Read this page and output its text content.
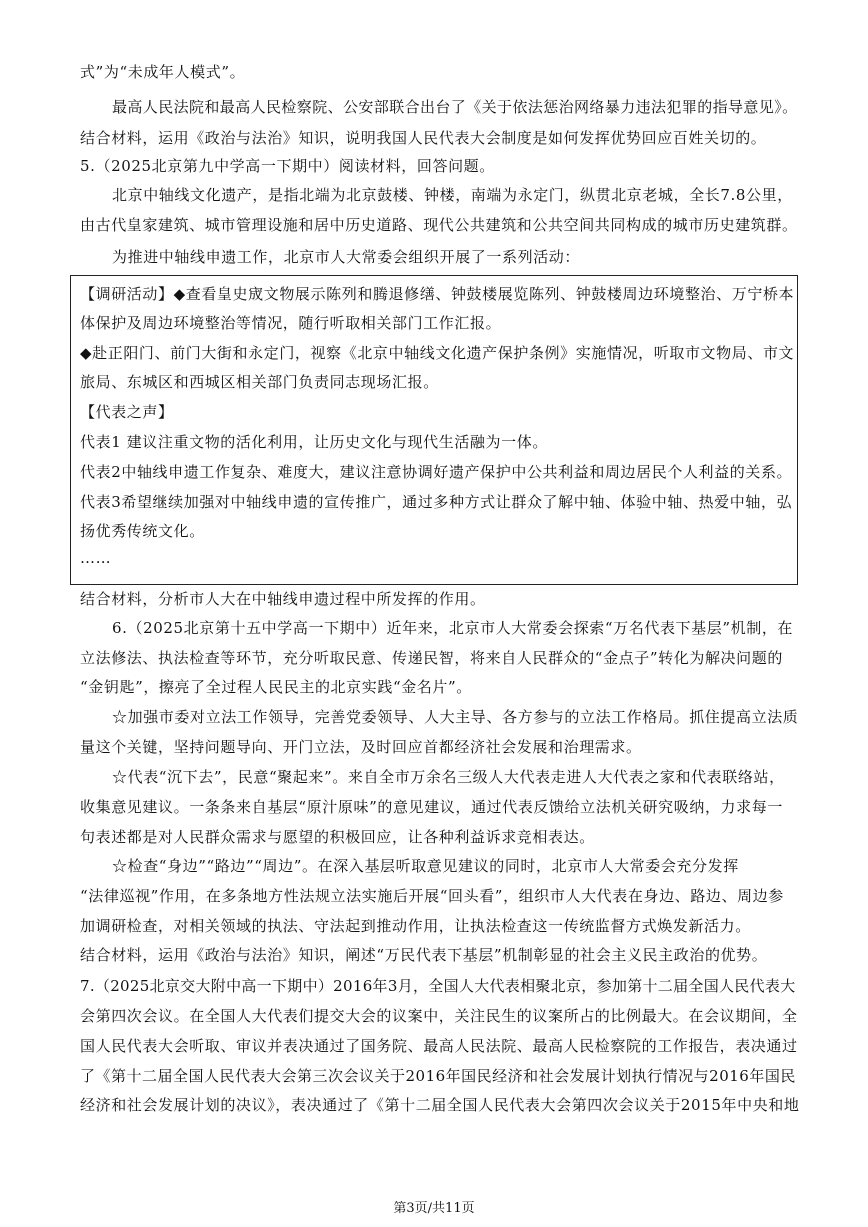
式”为“未成年人模式”。
最高人民法院和最高人民检察院、公安部联合出台了《关于依法惩治网络暴力违法犯罪的指导意见》。
结合材料，运用《政治与法治》知识，说明我国人民代表大会制度是如何发挥优势回应百姓关切的。
5.（2025北京第九中学高一下期中）阅读材料，回答问题。
北京中轴线文化遗产，是指北端为北京鼓楼、钟楼，南端为永定门，纵贯北京老城，全长7.8公里，
由古代皇家建筑、城市管理设施和居中历史道路、现代公共建筑和公共空间共同构成的城市历史建筑群。
为推进中轴线申遗工作，北京市人大常委会组织开展了一系列活动：
【调研活动】◆查看皇史宬文物展示陈列和腾退修缮、钟鼓楼展览陈列、钟鼓楼周边环境整治、万宁桥本
体保护及周边环境整治等情况，随行听取相关部门工作汇报。
◆赴正阳门、前门大街和永定门，视察《北京中轴线文化遗产保护条例》实施情况，听取市文物局、市文
旅局、东城区和西城区相关部门负责同志现场汇报。
【代表之声】
代表1 建议注重文物的活化利用，让历史文化与现代生活融为一体。
代表2中轴线申遗工作复杂、难度大，建议注意协调好遗产保护中公共利益和周边居民个人利益的关系。
代表3希望继续加强对中轴线申遗的宣传推广，通过多种方式让群众了解中轴、体验中轴、热爱中轴，弘
扬优秀传统文化。
……
结合材料，分析市人大在中轴线申遗过程中所发挥的作用。
6.（2025北京第十五中学高一下期中）近年来，北京市人大常委会探索“万名代表下基层”机制，在
立法修法、执法检查等环节，充分听取民意、传递民智，将来自人民群众的“金点子”转化为解决问题的
“金钥匙”，擦亮了全过程人民民主的北京实践“金名片”。
☆加强市委对立法工作领导，完善党委领导、人大主导、各方参与的立法工作格局。抓住提高立法质
量这个关键，坚持问题导向、开门立法，及时回应首都经济社会发展和治理需求。
☆代表“沉下去”，民意“聚起来”。来自全市万余名三级人大代表走进人大代表之家和代表联络站，
收集意见建议。一条条来自基层“原汁原味”的意见建议，通过代表反馈给立法机关研究吸纳，力求每一
句表述都是对人民群众需求与愿望的积极回应，让各种利益诉求竞相表达。
☆检查“身边”“路边”“周边”。在深入基层听取意见建议的同时，北京市人大常委会充分发挥
“法律巡视”作用，在多条地方性法规立法实施后开展“回头看”，组织市人大代表在身边、路边、周边参
加调研检查，对相关领域的执法、守法起到推动作用，让执法检查这一传统监督方式焕发新活力。
结合材料，运用《政治与法治》知识，阐述“万民代表下基层”机制彰显的社会主义民主政治的优势。
7.（2025北京交大附中高一下期中）2016年3月，全国人大代表相聚北京，参加第十二届全国人民代表大
会第四次会议。在全国人大代表们提交大会的议案中，关注民生的议案所占的比例最大。在会议期间，全
国人民代表大会听取、审议并表决通过了国务院、最高人民法院、最高人民检察院的工作报告，表决通过
了《第十二届全国人民代表大会第三次会议关于2016年国民经济和社会发展计划执行情况与2016年国民
经济和社会发展计划的决议》，表决通过了《第十二届全国人民代表大会第四次会议关于2015年中央和地
第3页/共11页
